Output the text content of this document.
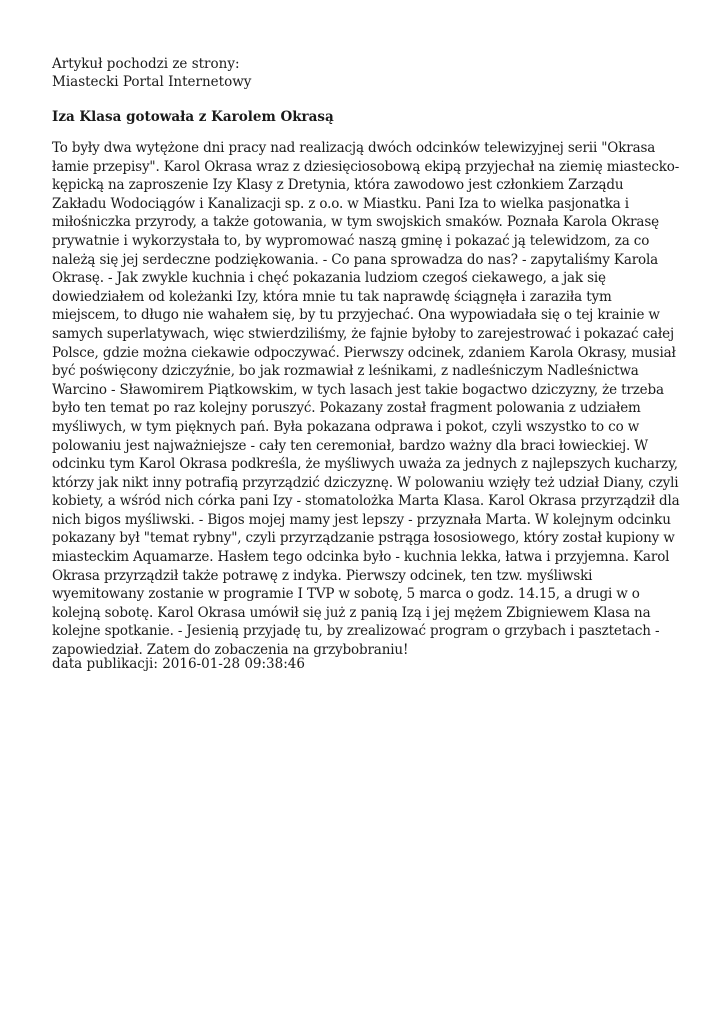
Artykuł pochodzi ze strony:
Miastecki Portal Internetowy
Iza Klasa gotowała z Karolem Okrasą
To były dwa wytężone dni pracy nad realizacją dwóch odcinków telewizyjnej serii "Okrasa łamie przepisy". Karol Okrasa wraz z dziesięciosobową ekipą przyjechał na ziemię miastecko-kępicką na zaproszenie Izy Klasy z Dretynia, która zawodowo jest członkiem Zarządu Zakładu Wodociągów i Kanalizacji sp. z o.o. w Miastku. Pani Iza to wielka pasjonatka i miłośniczka przyrody, a także gotowania, w tym swojskich smaków. Poznała Karola Okrasę prywatnie i wykorzystała to, by wypromować naszą gminę i pokazać ją telewidzom, za co należą się jej serdeczne podziękowania. - Co pana sprowadza do nas? - zapytaliśmy Karola Okrasę. - Jak zwykle kuchnia i chęć pokazania ludziom czegoś ciekawego, a jak się dowiedziałem od koleżanki Izy, która mnie tu tak naprawdę ściągnęła i zaraziła tym miejscem, to długo nie wahałem się, by tu przyjechać. Ona wypowiadała się o tej krainie w samych superlatywach, więc stwierdziliśmy, że fajnie byłoby to zarejestrować i pokazać całej Polsce, gdzie można ciekawie odpoczywać. Pierwszy odcinek, zdaniem Karola Okrasy, musiał być poświęcony dziczyźnie, bo jak rozmawiał z leśnikami, z nadleśniczym Nadleśnictwa Warcino - Sławomirem Piątkowskim, w tych lasach jest takie bogactwo dziczyzny, że trzeba było ten temat po raz kolejny poruszyć. Pokazany został fragment polowania z udziałem myśliwych, w tym pięknych pań. Była pokazana odprawa i pokot, czyli wszystko to co w polowaniu jest najważniejsze - cały ten ceremoniał, bardzo ważny dla braci łowieckiej. W odcinku tym Karol Okrasa podkreśla, że myśliwych uważa za jednych z najlepszych kucharzy, którzy jak nikt inny potrafią przyrządzić dziczyznę. W polowaniu wzięły też udział Diany, czyli kobiety, a wśród nich córka pani Izy - stomatolożka Marta Klasa. Karol Okrasa przyrządził dla nich bigos myśliwski. - Bigos mojej mamy jest lepszy - przyznała Marta. W kolejnym odcinku pokazany był "temat rybny", czyli przyrządzanie pstrąga łososiowego, który został kupiony w miasteckim Aquamarze. Hasłem tego odcinka było - kuchnia lekka, łatwa i przyjemna. Karol Okrasa przyrządził także potrawę z indyka. Pierwszy odcinek, ten tzw. myśliwski wyemitowany zostanie w programie I TVP w sobotę, 5 marca o godz. 14.15, a drugi w o kolejną sobotę. Karol Okrasa umówił się już z panią Izą i jej mężem Zbigniewem Klasa na kolejne spotkanie. - Jesienią przyjadę tu, by zrealizować program o grzybach i pasztetach - zapowiedział. Zatem do zobaczenia na grzybobraniu!
data publikacji: 2016-01-28 09:38:46
